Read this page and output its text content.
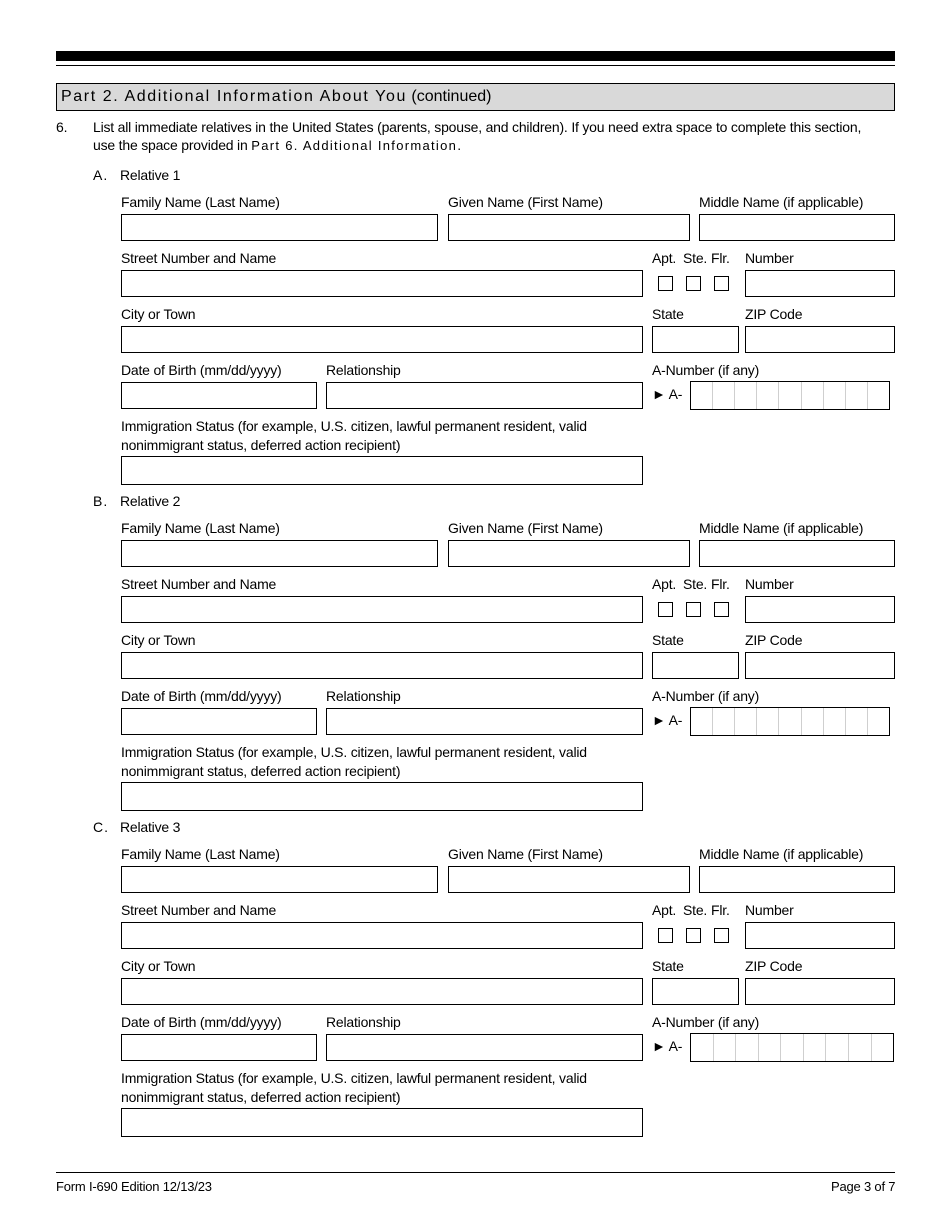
Part 2. Additional Information About You (continued)
6. List all immediate relatives in the United States (parents, spouse, and children). If you need extra space to complete this section,
use the space provided in Part 6. Additional Information.
A. Relative 1
Family Name (Last Name)	Given Name (First Name)	Middle Name (if applicable)
Street Number and Name	Apt. Ste. Flr. Number
City or Town	State	ZIP Code
Date of Birth (mm/dd/yyyy)	Relationship	A-Number (if any)
► A-
Immigration Status (for example, U.S. citizen, lawful permanent resident, valid
nonimmigrant status, deferred action recipient)
B. Relative 2
Family Name (Last Name)	Given Name (First Name)	Middle Name (if applicable)
Street Number and Name	Apt. Ste. Flr. Number
City or Town	State	ZIP Code
Date of Birth (mm/dd/yyyy)	Relationship	A-Number (if any)
► A-
Immigration Status (for example, U.S. citizen, lawful permanent resident, valid
nonimmigrant status, deferred action recipient)
C. Relative 3
Family Name (Last Name)	Given Name (First Name)	Middle Name (if applicable)
Street Number and Name	Apt. Ste. Flr. Number
City or Town	State	ZIP Code
Date of Birth (mm/dd/yyyy)	Relationship	A-Number (if any)
► A-
Immigration Status (for example, U.S. citizen, lawful permanent resident, valid
nonimmigrant status, deferred action recipient)
Form I-690 Edition 12/13/23	Page 3 of 7
